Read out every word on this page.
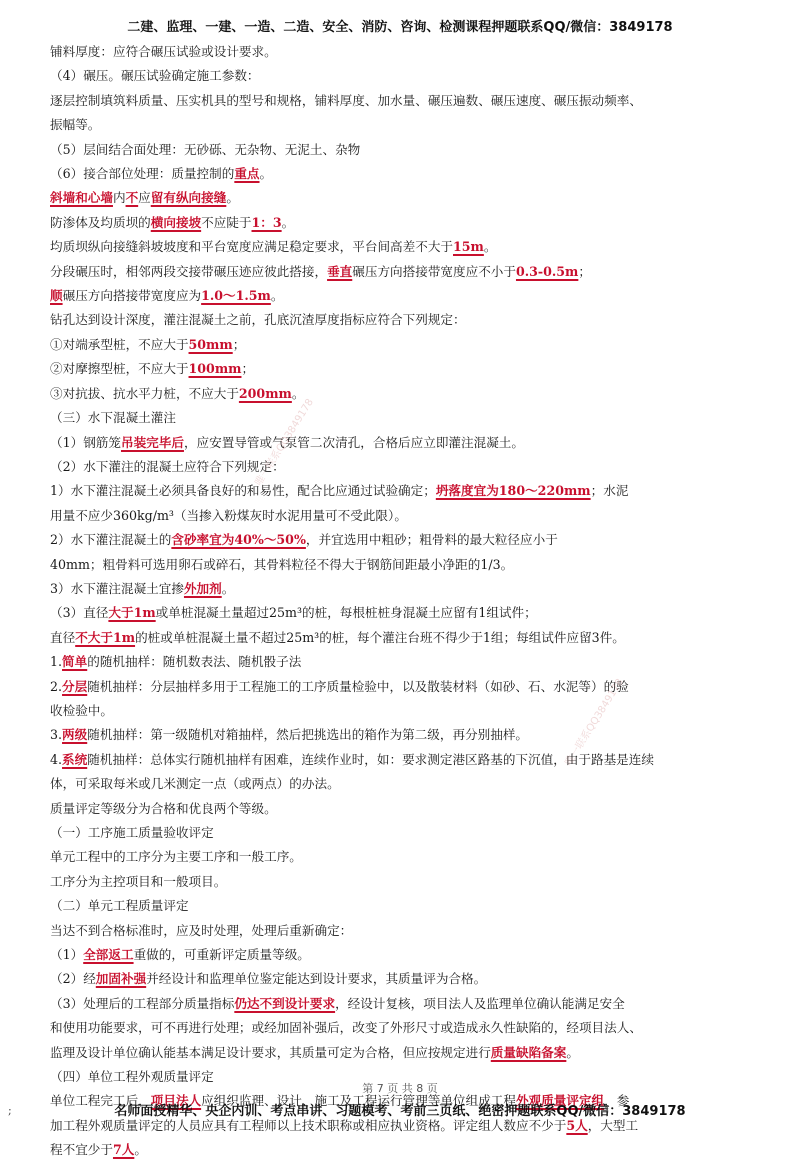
二建、监理、一建、一造、二造、安全、消防、咨询、检测课程押题联系QQ/微信：3849178
铺料厚度：应符合碾压试验或设计要求。
（4）碾压。碾压试验确定施工参数：
逐层控制填筑料质量、压实机具的型号和规格，铺料厚度、加水量、碾压遍数、碾压速度、碾压振动频率、
振幅等。
（5）层间结合面处理：无砂砾、无杂物、无泥土、杂物
（6）接合部位处理：质量控制的重点。
斜墙和心墙内不应留有纵向接缝。
防渗体及均质坝的横向接坡不应陡于1：3。
均质坝纵向接缝斜坡坡度和平台宽度应满足稳定要求，平台间高差不大于15m。
分段碾压时，相邻两段交接带碾压迹应彼此搭接，垂直碾压方向搭接带宽度应不小于0.3-0.5m；
顺碾压方向搭接带宽度应为1.0～1.5m。
钻孔达到设计深度，灌注混凝土之前，孔底沉渣厚度指标应符合下列规定：
①对端承型桩，不应大于50mm；
②对摩擦型桩，不应大于100mm；
③对抗拔、抗水平力桩，不应大于200mm。
（三）水下混凝土灌注
（1）钢筋笼吊装完毕后，应安置导管或气泵管二次清孔，合格后应立即灌注混凝土。
（2）水下灌注的混凝土应符合下列规定：
1）水下灌注混凝土必须具备良好的和易性，配合比应通过试验确定；坍落度宜为180～220mm；水泥
用量不应少360kg/m³（当掺入粉煤灰时水泥用量可不受此限）。
2）水下灌注混凝土的含砂率宜为40%～50%，并宜选用中粗砂；粗骨料的最大粒径应小于
40mm；粗骨料可选用卵石或碎石，其骨料粒径不得大于钢筋间距最小净距的1/3。
3）水下灌注混凝土宜掺外加剂。
（3）直径大于1m或单桩混凝土量超过25m³的桩，每根桩桩身混凝土应留有1组试件；
直径不大于1m的桩或单桩混凝土量不超过25m³的桩，每个灌注台班不得少于1组；每组试件应留3件。
1.简单的随机抽样：随机数表法、随机骰子法
2.分层随机抽样：分层抽样多用于工程施工的工序质量检验中，以及散装材料（如砂、石、水泥等）的验
收检验中。
3.两级随机抽样：第一级随机对箱抽样，然后把挑选出的箱作为第二级，再分别抽样。
4.系统随机抽样：总体实行随机抽样有困难，连续作业时，如：要求测定港区路基的下沉值，由于路基是连续
体，可采取每米或几米测定一点（或两点）的办法。
质量评定等级分为合格和优良两个等级。
（一）工序施工质量验收评定
单元工程中的工序分为主要工序和一般工序。
工序分为主控项目和一般项目。
（二）单元工程质量评定
当达不到合格标准时，应及时处理，处理后重新确定：
（1）全部返工重做的，可重新评定质量等级。
（2）经加固补强并经设计和监理单位鉴定能达到设计要求，其质量评为合格。
（3）处理后的工程部分质量指标仍达不到设计要求，经设计复核，项目法人及监理单位确认能满足安全
和使用功能要求，可不再进行处理；或经加固补强后，改变了外形尺寸或造成永久性缺陷的，经项目法人、
监理及设计单位确认能基本满足设计要求，其质量可定为合格，但应按规定进行质量缺陷备案。
（四）单位工程外观质量评定
单位工程完工后，项目法人应组织监理、设计、施工及工程运行管理等单位组成工程外观质量评定组，参
加工程外观质量评定的人员应具有工程师以上技术职称或相应执业资格。评定组人数应不少于5人，大型工
程不宜少于7人。
唯一联系QQ3849178
唯一联系QQ3849178
第 7 页 共 8 页
;	名师面授精华、央企内训、考点串讲、习题模考、考前三页纸、绝密押题联系QQ/微信：3849178
